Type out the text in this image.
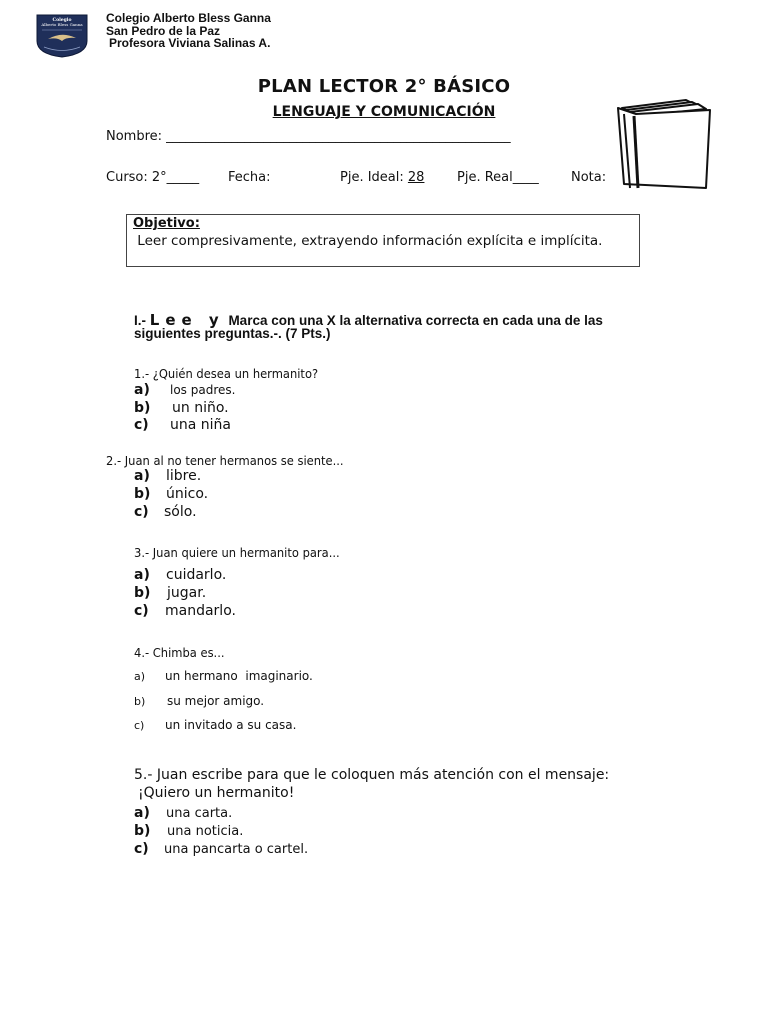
Colegio
Alberto Bless Ganna Colegio Alberto Bless Ganna
San Pedro de la Paz
Profesora Viviana Salinas A.
PLAN LECTOR 2° BÁSICO
LENGUAJE Y COMUNICACIÓN
Nombre: _____________________________________________________
Curso: 2°_____ Fecha:	Pje. Ideal: 28	Pje. Real____ Nota:
Objetivo:
Leer compresivamente, extrayendo información explícita e implícita.
I.- Lee y Marca con una X la alternativa correcta en cada una de las siguientes preguntas.-. (7 Pts.)
1.- ¿Quién desea un hermanito?
a) los padres.
b) un niño.
c) una niña
2.- Juan al no tener hermanos se siente...
a) libre.
b) único.
c) sólo.
3.- Juan quiere un hermanito para...
a) cuidarlo.
b) jugar.
c) mandarlo.
4.- Chimba es...
a) un hermano  imaginario.
b) su mejor amigo.
c) un invitado a su casa.
5.- Juan escribe para que le coloquen más atención con el mensaje:
¡Quiero un hermanito!
a) una carta.
b) una noticia.
c) una pancarta o cartel.
